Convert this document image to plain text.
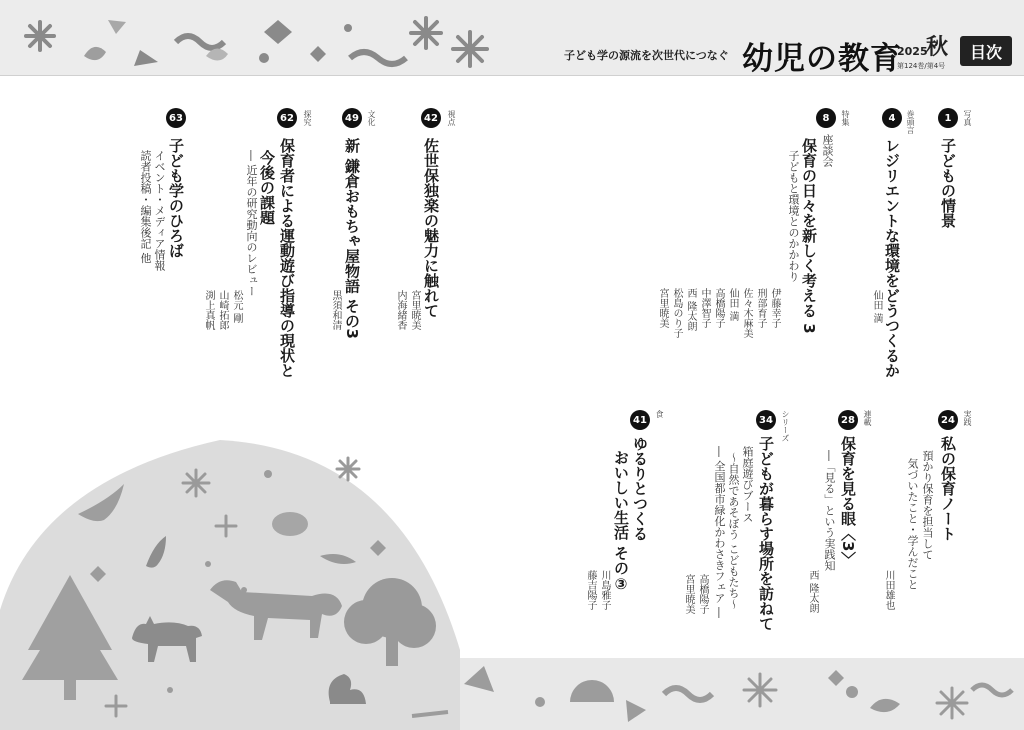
子ども学の源流を次世代につなぐ 幼児の教育
2025
秋
第124巻/第4号
目次
1	写真
子どもの情景
4	巻頭言
レジリエントな環境をどうつくるか
仙田 満
8	特集
座談会
保育の日々を新しく考える 3
子どもと環境とのかかわり
伊藤幸子
刑部育子
佐々木麻美
仙田 満
高橋陽子
中澤智子
西 隆太朗
松島のり子
宮里暁美
42	視点
佐世保独楽の魅力に触れて
宮里暁美
内海緒香
49	文化
新 鎌倉おもちゃ屋物語 その3
黒須和清
62	探究
保育者による運動遊び指導の現状と
今後の課題
― 近年の研究動向のレビュー
松元 剛
山崎拓郎
渕上真帆
63
子ども学のひろば
イベント・メディア情報
読者投稿・編集後記 他
24	実践
私の保育ノート
預かり保育を担当して
気づいたこと・学んだこと
川田雄也
28	連載
保育を見る眼〈3〉
―「見る」という実践知
西 隆太朗
34	シリーズ
子どもが暮らす場所を訪ねて
箱庭遊びブース
～自然であそぼう こどもたち～
― 全国都市緑化かわさきフェア ―
高橋陽子
宮里暁美
41
食
ゆるりとつくる
おいしい生活 その③
川島雅子
藤吉陽子
